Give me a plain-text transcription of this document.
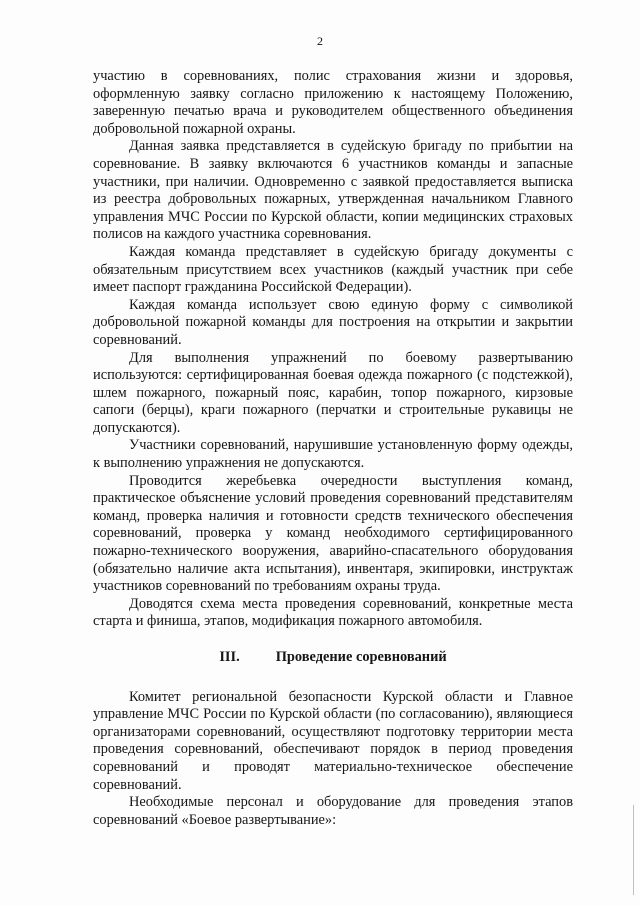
2

участию в соревнованиях, полис страхования жизни и здоровья, оформленную заявку согласно приложению к настоящему Положению, заверенную печатью врача и руководителем общественного объединения добровольной пожарной охраны.

Данная заявка представляется в судейскую бригаду по прибытии на соревнование. В заявку включаются 6 участников команды и запасные участники, при наличии. Одновременно с заявкой предоставляется выписка из реестра добровольных пожарных, утвержденная начальником Главного управления МЧС России по Курской области, копии медицинских страховых полисов на каждого участника соревнования.

Каждая команда представляет в судейскую бригаду документы с обязательным присутствием всех участников (каждый участник при себе имеет паспорт гражданина Российской Федерации).

Каждая команда использует свою единую форму с символикой добровольной пожарной команды для построения на открытии и закрытии соревнований.

Для выполнения упражнений по боевому развертыванию используются: сертифицированная боевая одежда пожарного (с подстежкой), шлем пожарного, пожарный пояс, карабин, топор пожарного, кирзовые сапоги (берцы), краги пожарного (перчатки и строительные рукавицы не допускаются).

Участники соревнований, нарушившие установленную форму одежды, к выполнению упражнения не допускаются.

Проводится жеребьевка очередности выступления команд, практическое объяснение условий проведения соревнований представителям команд, проверка наличия и готовности средств технического обеспечения соревнований, проверка у команд необходимого сертифицированного пожарно-технического вооружения, аварийно-спасательного оборудования (обязательно наличие акта испытания), инвентаря, экипировки, инструктаж участников соревнований по требованиям охраны труда.

Доводятся схема места проведения соревнований, конкретные места старта и финиша, этапов, модификация пожарного автомобиля.

III.	Проведение соревнований

Комитет региональной безопасности Курской области и Главное управление МЧС России по Курской области (по согласованию), являющиеся организаторами соревнований, осуществляют подготовку территории места проведения соревнований, обеспечивают порядок в период проведения соревнований и проводят материально-техническое обеспечение соревнований.

Необходимые персонал и оборудование для проведения этапов соревнований «Боевое развертывание»:
